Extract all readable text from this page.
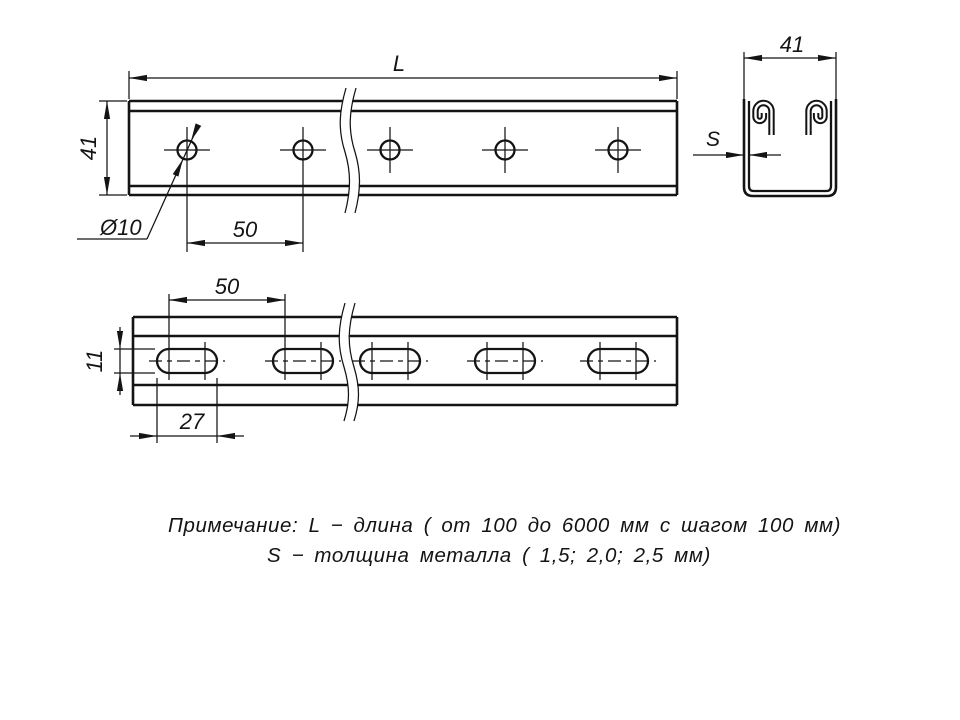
L
41
Ø10	50
50
11
27
41
S
Примечание: L − длина ( от 100 до 6000 мм с шагом 100 мм)
S − толщина металла ( 1,5; 2,0; 2,5 мм)
